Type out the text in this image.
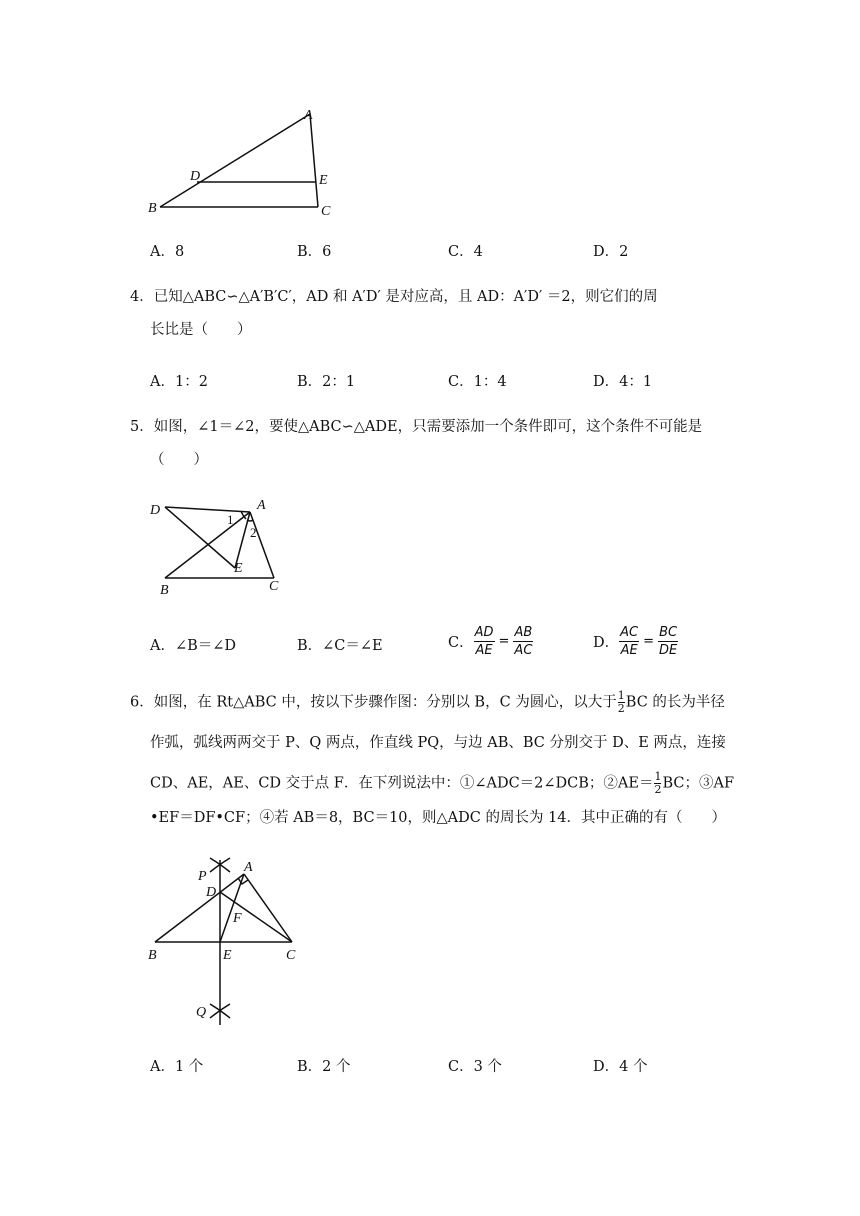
A
B	C
D	E
A．8	B．6	C．4	D．2
4．已知△ABC∽△A′B′C′，AD 和 A′D′ 是对应高，且 AD：A′D′ ＝2，则它们的周
长比是（　　）
A．1：2	B．2：1	C．1：4	D．4：1
5．如图，∠1＝∠2，要使△ABC∽△ADE，只需要添加一个条件即可，这个条件不可能是
（　　）
D	A
1
2
E
B	C
A．∠B＝∠D	B．∠C＝∠E	C． $\frac{AD}{AE} = \frac{AB}{AC}$	D． $\frac{AC}{AE} = \frac{BC}{DE}$
6．如图，在 Rt△ABC 中，按以下步骤作图：分别以 B，C 为圆心，以大于 $\frac{1}{2}$ BC 的长为半径
作弧，弧线两两交于 P、Q 两点，作直线 PQ，与边 AB、BC 分别交于 D、E 两点，连接
CD、AE，AE、CD 交于点 F．在下列说法中：①∠ADC＝2∠DCB；②AE＝ $\frac{1}{2}$ BC；③AF
•EF＝DF•CF；④若 AB＝8，BC＝10，则△ADC 的周长为 14．其中正确的有（　　）
P
A
D
F
B	E	C
Q
A．1 个	B．2 个	C．3 个	D．4 个
